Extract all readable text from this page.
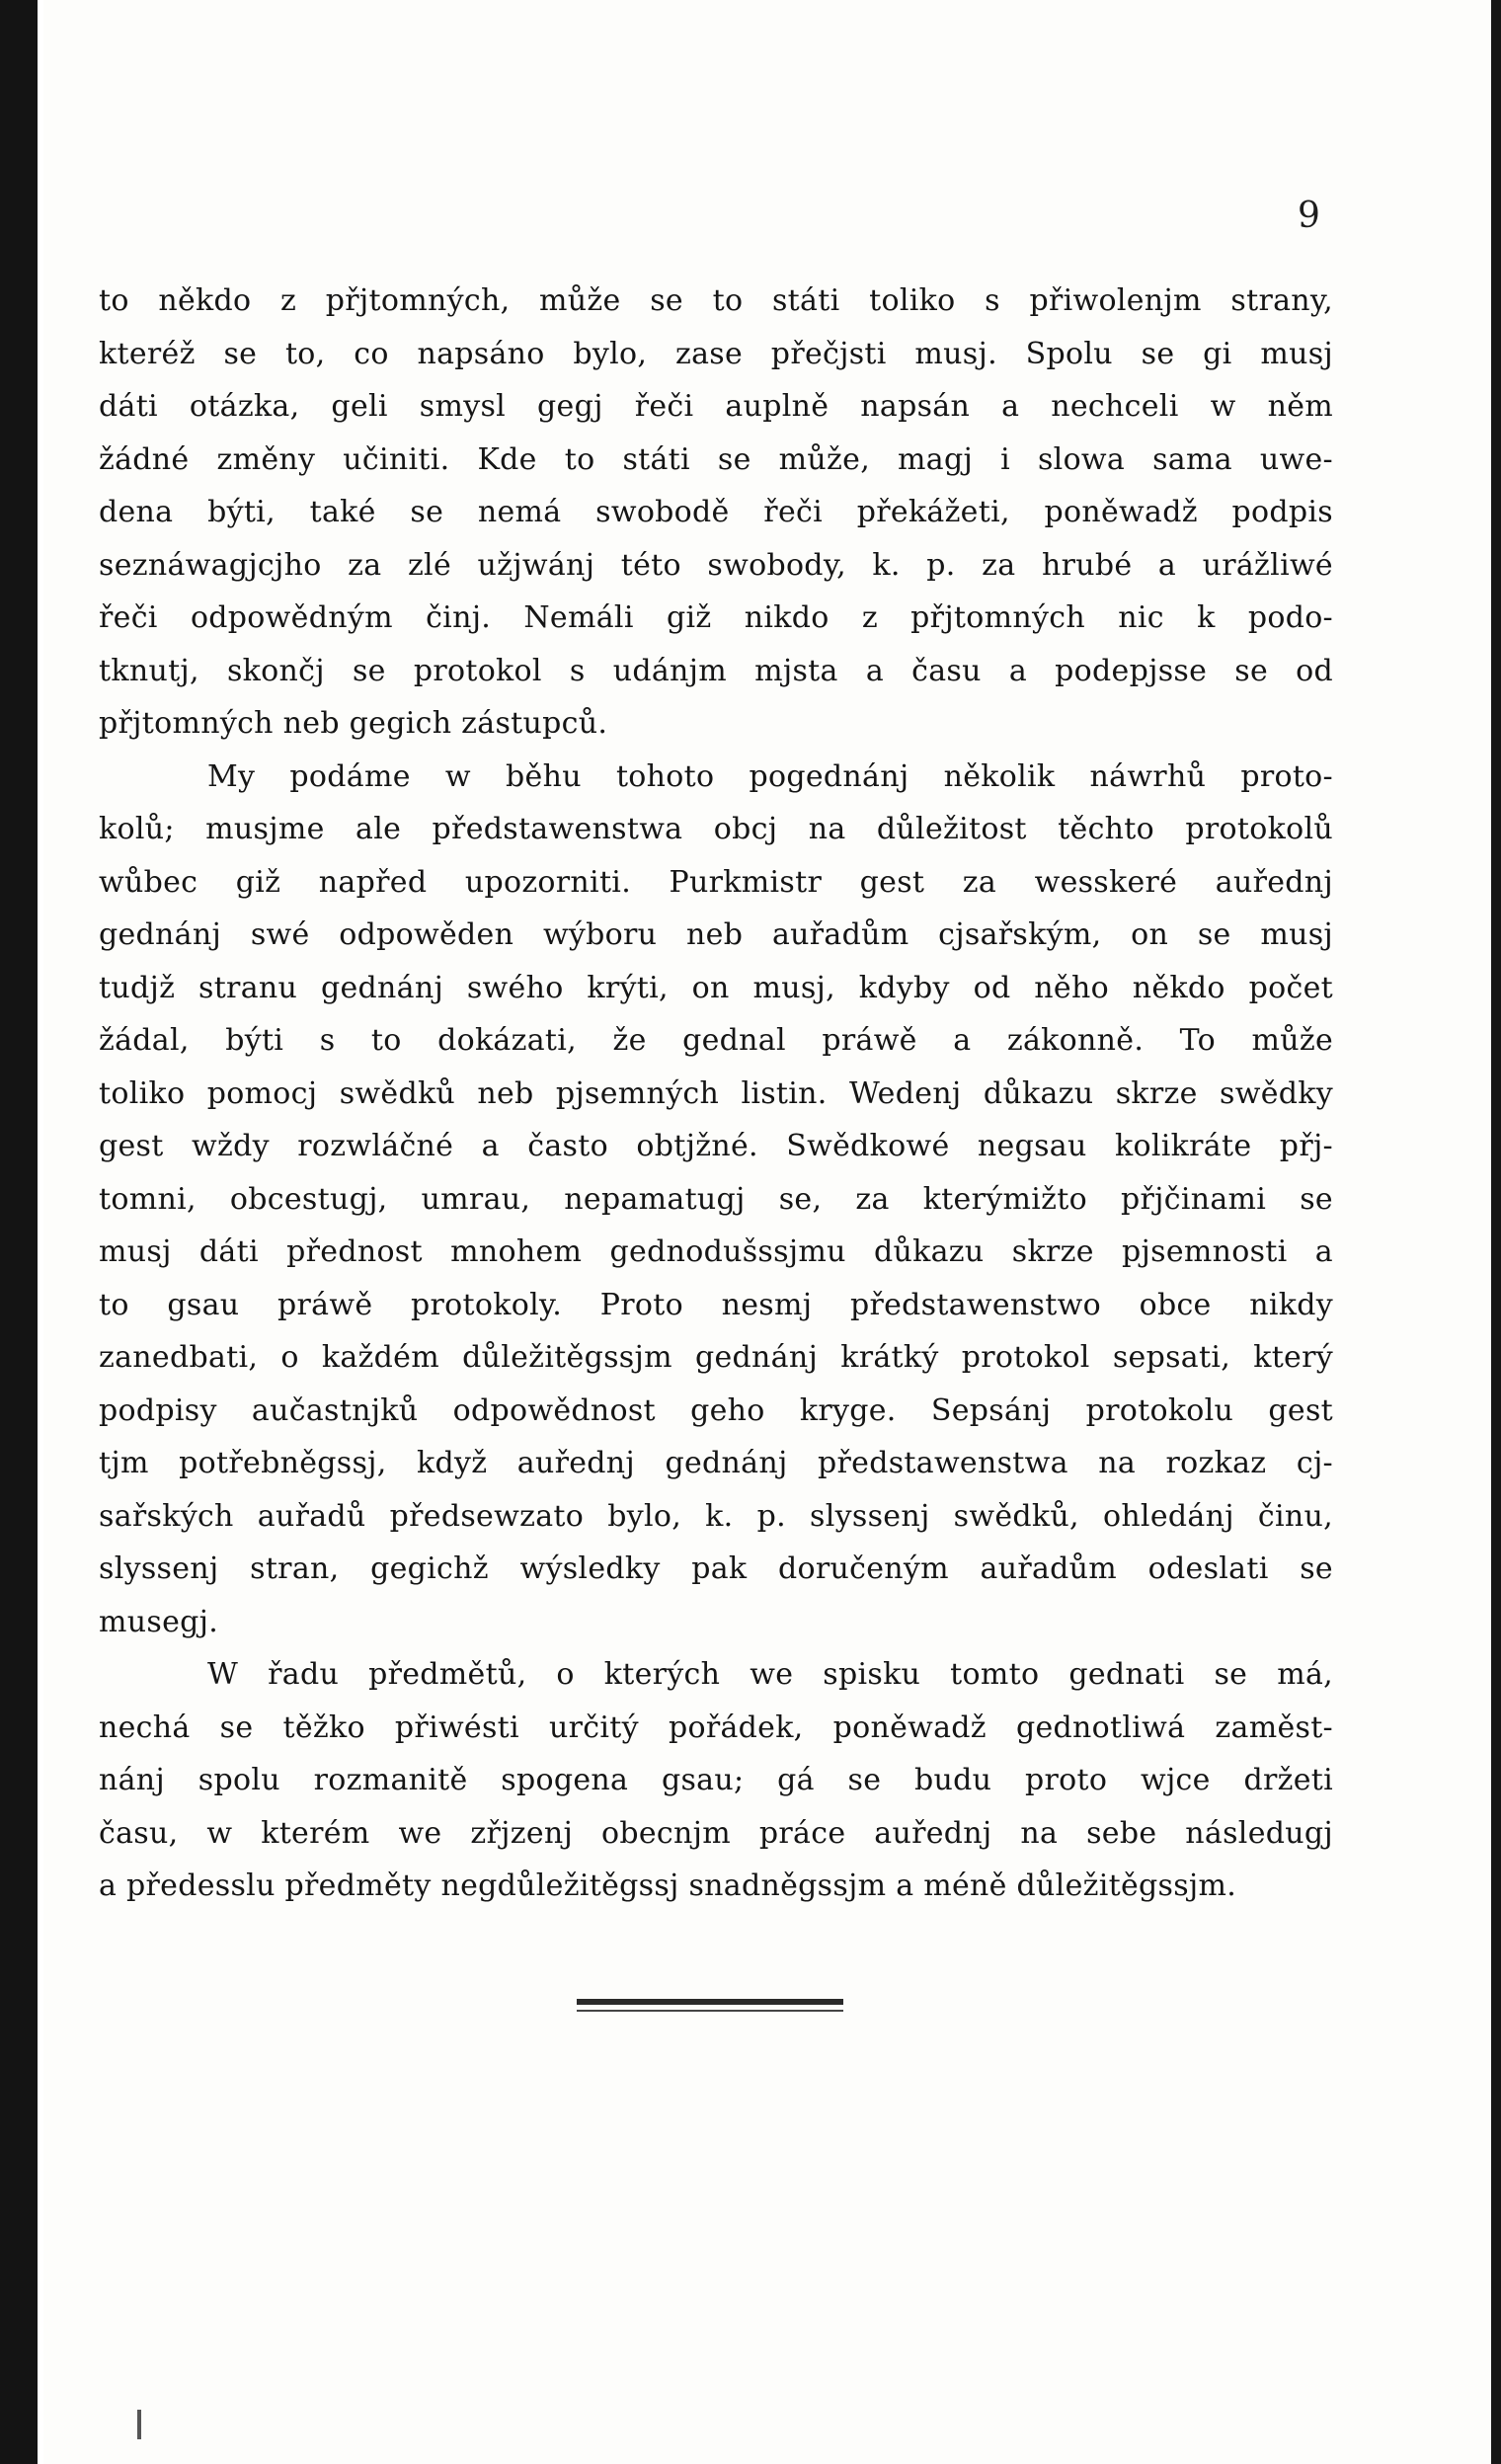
9
to někdo z přjtomných, může se to státi toliko s přiwolenjm strany,
kteréž se to, co napsáno bylo, zase přečjsti musj. Spolu se gi musj
dáti otázka, geli smysl gegj řeči auplně napsán a nechceli w něm
žádné změny učiniti. Kde to státi se může, magj i slowa sama uwe-
dena býti, také se nemá swobodě řeči překážeti, poněwadž podpis
seznáwagjcjho za zlé užjwánj této swobody, k. p. za hrubé a urážliwé
řeči odpowědným činj. Nemáli giž nikdo z přjtomných nic k podo-
tknutj, skončj se protokol s udánjm mjsta a času a podepjsse se od
přjtomných neb gegich zástupců.
My podáme w běhu tohoto pogednánj několik náwrhů proto-
kolů; musjme ale předstawenstwa obcj na důležitost těchto protokolů
wůbec giž napřed upozorniti. Purkmistr gest za wesskeré auřednj
gednánj swé odpowěden wýboru neb auřadům cjsařským, on se musj
tudjž stranu gednánj swého krýti, on musj, kdyby od něho někdo počet
žádal, býti s to dokázati, že gednal práwě a zákonně. To může
toliko pomocj swědků neb pjsemných listin. Wedenj důkazu skrze swědky
gest wždy rozwláčné a často obtjžné. Swědkowé negsau kolikráte přj-
tomni, obcestugj, umrau, nepamatugj se, za kterýmižto přjčinami se
musj dáti přednost mnohem gednodušssjmu důkazu skrze pjsemnosti a
to gsau práwě protokoly. Proto nesmj předstawenstwo obce nikdy
zanedbati, o každém důležitěgssjm gednánj krátký protokol sepsati, který
podpisy aučastnjků odpowědnost geho kryge. Sepsánj protokolu gest
tjm potřebněgssj, když auřednj gednánj předstawenstwa na rozkaz cj-
sařských auřadů předsewzato bylo, k. p. slyssenj swědků, ohledánj činu,
slyssenj stran, gegichž wýsledky pak doručeným auřadům odeslati se
musegj.
W řadu předmětů, o kterých we spisku tomto gednati se má,
nechá se těžko přiwésti určitý pořádek, poněwadž gednotliwá zaměst-
nánj spolu rozmanitě spogena gsau; gá se budu proto wjce držeti
času, w kterém we zřjzenj obecnjm práce auřednj na sebe následugj
a předesslu předměty negdůležitěgssj snadněgssjm a méně důležitěgssjm.
